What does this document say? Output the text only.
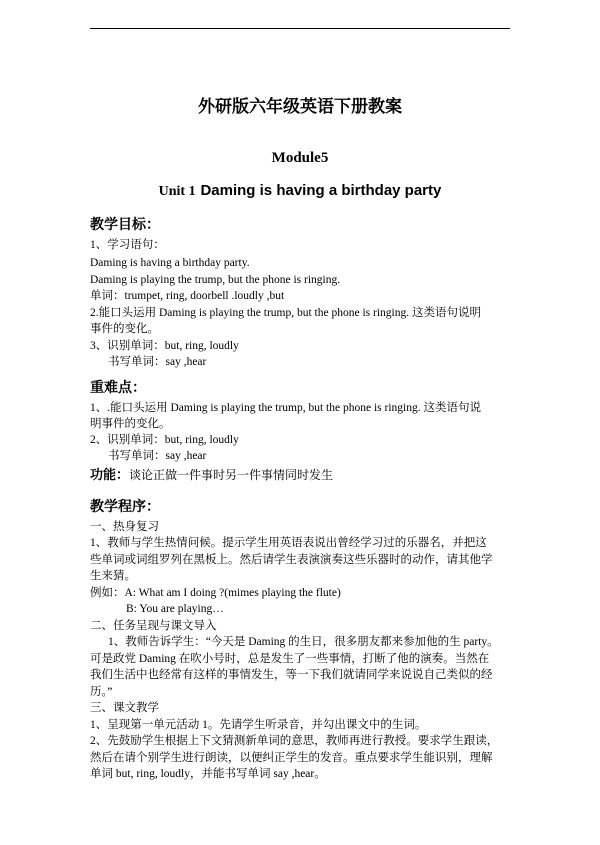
外研版六年级英语下册教案
Module5
Unit 1 Daming is having a birthday party
教学目标：
1、学习语句：
Daming is having a birthday party.
Daming is playing the trump, but the phone is ringing.
单词：trumpet, ring, doorbell .loudly ,but
2.能口头运用 Daming is playing the trump, but the phone is ringing. 这类语句说明
事件的变化。
3、识别单词：but, ring, loudly
书写单词：say ,hear
重难点：
1、.能口头运用 Daming is playing the trump, but the phone is ringing. 这类语句说
明事件的变化。
2、识别单词：but, ring, loudly
书写单词：say ,hear
功能：谈论正做一件事时另一件事情同时发生
教学程序：
一、热身复习
1、教师与学生热情问候。提示学生用英语表说出曾经学习过的乐器名，并把这
些单词或词组罗列在黑板上。然后请学生表演演奏这些乐器时的动作，请其他学
生来猜。
例如：A: What am I doing ?(mimes playing the flute)
B: You are playing…
二、任务呈现与课文导入
1、教师告诉学生：“今天是 Daming 的生日，很多朋友都来参加他的生 party。
可是政党 Daming 在吹小号时，总是发生了一些事情，打断了他的演奏。当然在
我们生活中也经常有这样的事情发生，等一下我们就请同学来说说自己类似的经
历。”
三、课文教学
1、呈现第一单元活动 1。先请学生听录音，并勾出课文中的生词。
2、先鼓励学生根据上下文猜测新单词的意思，教师再进行教授。要求学生跟读，
然后在请个别学生进行朗读，以便纠正学生的发音。重点要求学生能识别，理解
单词 but, ring, loudly，并能书写单词 say ,hear。
